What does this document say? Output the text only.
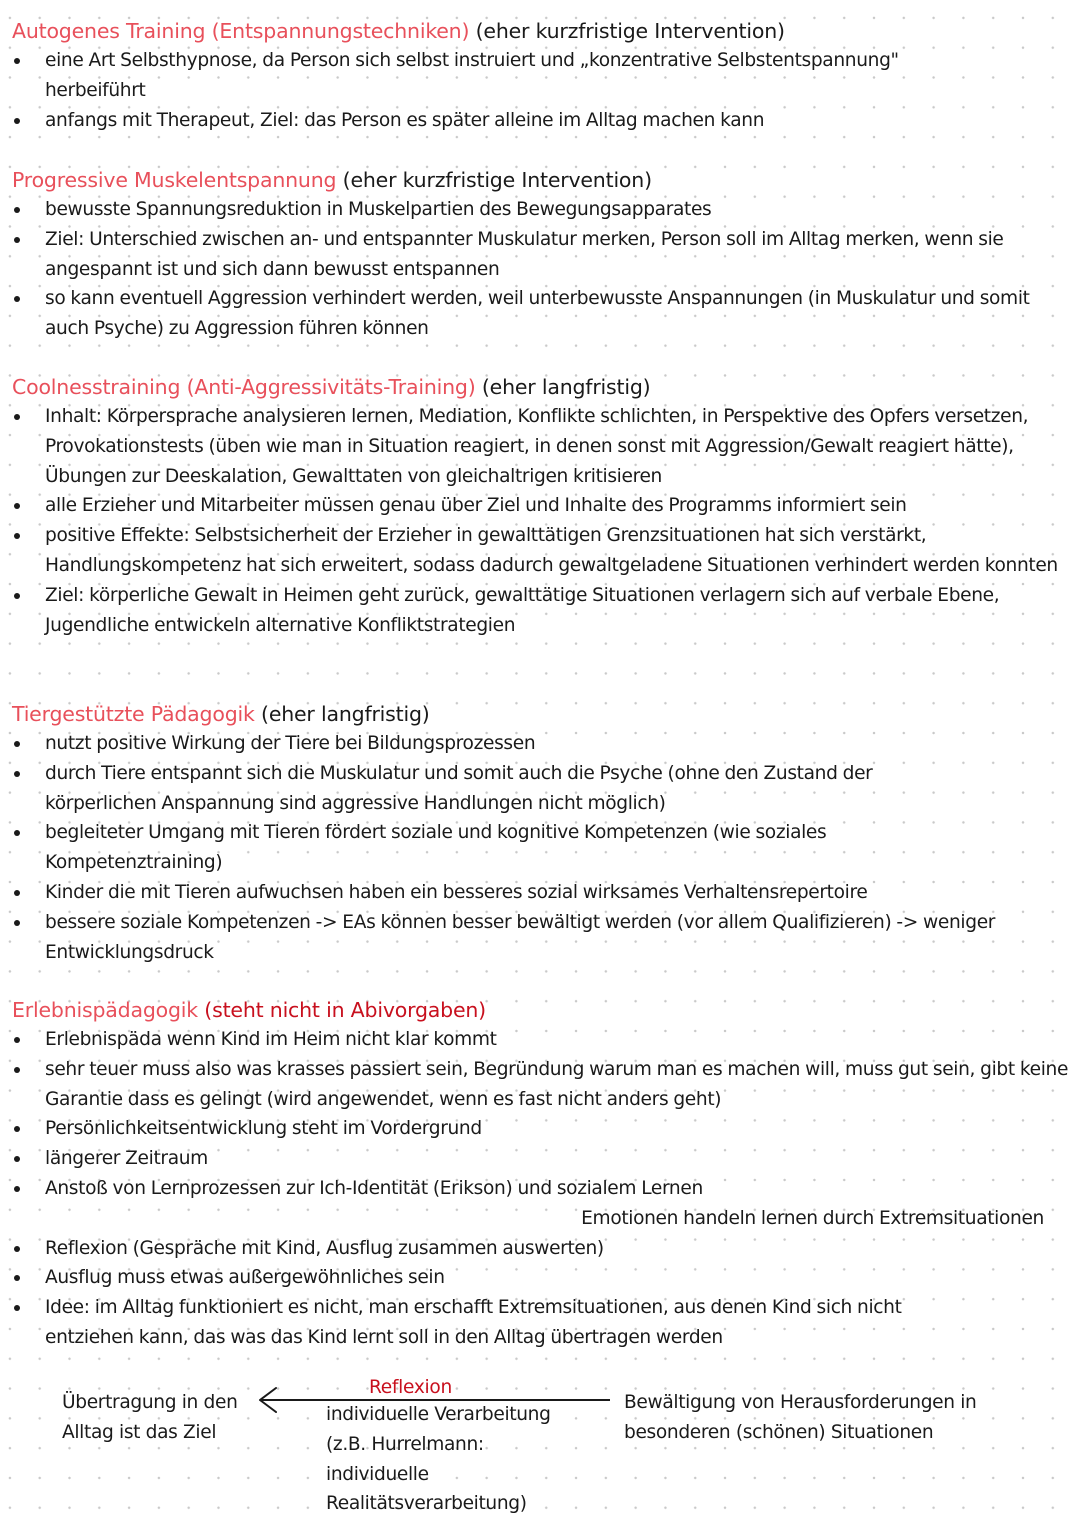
Autogenes Training (Entspannungstechniken) (eher kurzfristige Intervention)
eine Art Selbsthypnose, da Person sich selbst instruiert und „konzentrative Selbstentspannung" herbeiführt
anfangs mit Therapeut, Ziel: das Person es später alleine im Alltag machen kann
Progressive Muskelentspannung (eher kurzfristige Intervention)
bewusste Spannungsreduktion in Muskelpartien des Bewegungsapparates
Ziel: Unterschied zwischen an- und entspannter Muskulatur merken, Person soll im Alltag merken, wenn sie angespannt ist und sich dann bewusst entspannen
so kann eventuell Aggression verhindert werden, weil unterbewusste Anspannungen (in Muskulatur und somit auch Psyche) zu Aggression führen können
Coolnesstraining (Anti-Aggressivitäts-Training) (eher langfristig)
Inhalt: Körpersprache analysieren lernen, Mediation, Konflikte schlichten, in Perspektive des Opfers versetzen, Provokationstests (üben wie man in Situation reagiert, in denen sonst mit Aggression/Gewalt reagiert hätte), Übungen zur Deeskalation, Gewalttaten von gleichaltrigen kritisieren
alle Erzieher und Mitarbeiter müssen genau über Ziel und Inhalte des Programms informiert sein
positive Effekte: Selbstsicherheit der Erzieher in gewalttätigen Grenzsituationen hat sich verstärkt, Handlungskompetenz hat sich erweitert, sodass dadurch gewaltgeladene Situationen verhindert werden konnten
Ziel: körperliche Gewalt in Heimen geht zurück, gewalttätige Situationen verlagern sich auf verbale Ebene, Jugendliche entwickeln alternative Konfliktstrategien
Tiergestützte Pädagogik (eher langfristig)
nutzt positive Wirkung der Tiere bei Bildungsprozessen
durch Tiere entspannt sich die Muskulatur und somit auch die Psyche (ohne den Zustand der körperlichen Anspannung sind aggressive Handlungen nicht möglich)
begleiteter Umgang mit Tieren fördert soziale und kognitive Kompetenzen (wie soziales Kompetenztraining)
Kinder die mit Tieren aufwuchsen haben ein besseres sozial wirksames Verhaltensrepertoire
bessere soziale Kompetenzen -> EAs können besser bewältigt werden (vor allem Qualifizieren) -> weniger Entwicklungsdruck
Erlebnispädagogik (steht nicht in Abivorgaben)
Erlebnispäda wenn Kind im Heim nicht klar kommt
sehr teuer muss also was krasses passiert sein, Begründung warum man es machen will, muss gut sein, gibt keine Garantie dass es gelingt (wird angewendet, wenn es fast nicht anders geht)
Persönlichkeitsentwicklung steht im Vordergrund
längerer Zeitraum
Anstoß von Lernprozessen zur Ich-Identität (Erikson) und sozialem Lernen
Emotionen handeln lernen durch Extremsituationen
Reflexion (Gespräche mit Kind, Ausflug zusammen auswerten)
Ausflug muss etwas außergewöhnliches sein
Idee: im Alltag funktioniert es nicht, man erschafft Extremsituationen, aus denen Kind sich nicht entziehen kann, das was das Kind lernt soll in den Alltag übertragen werden
Übertragung in den
Alltag ist das Ziel
Reflexion
individuelle Verarbeitung
(z.B. Hurrelmann:
individuelle
Realitätsverarbeitung)
Bewältigung von Herausforderungen in
besonderen (schönen) Situationen
